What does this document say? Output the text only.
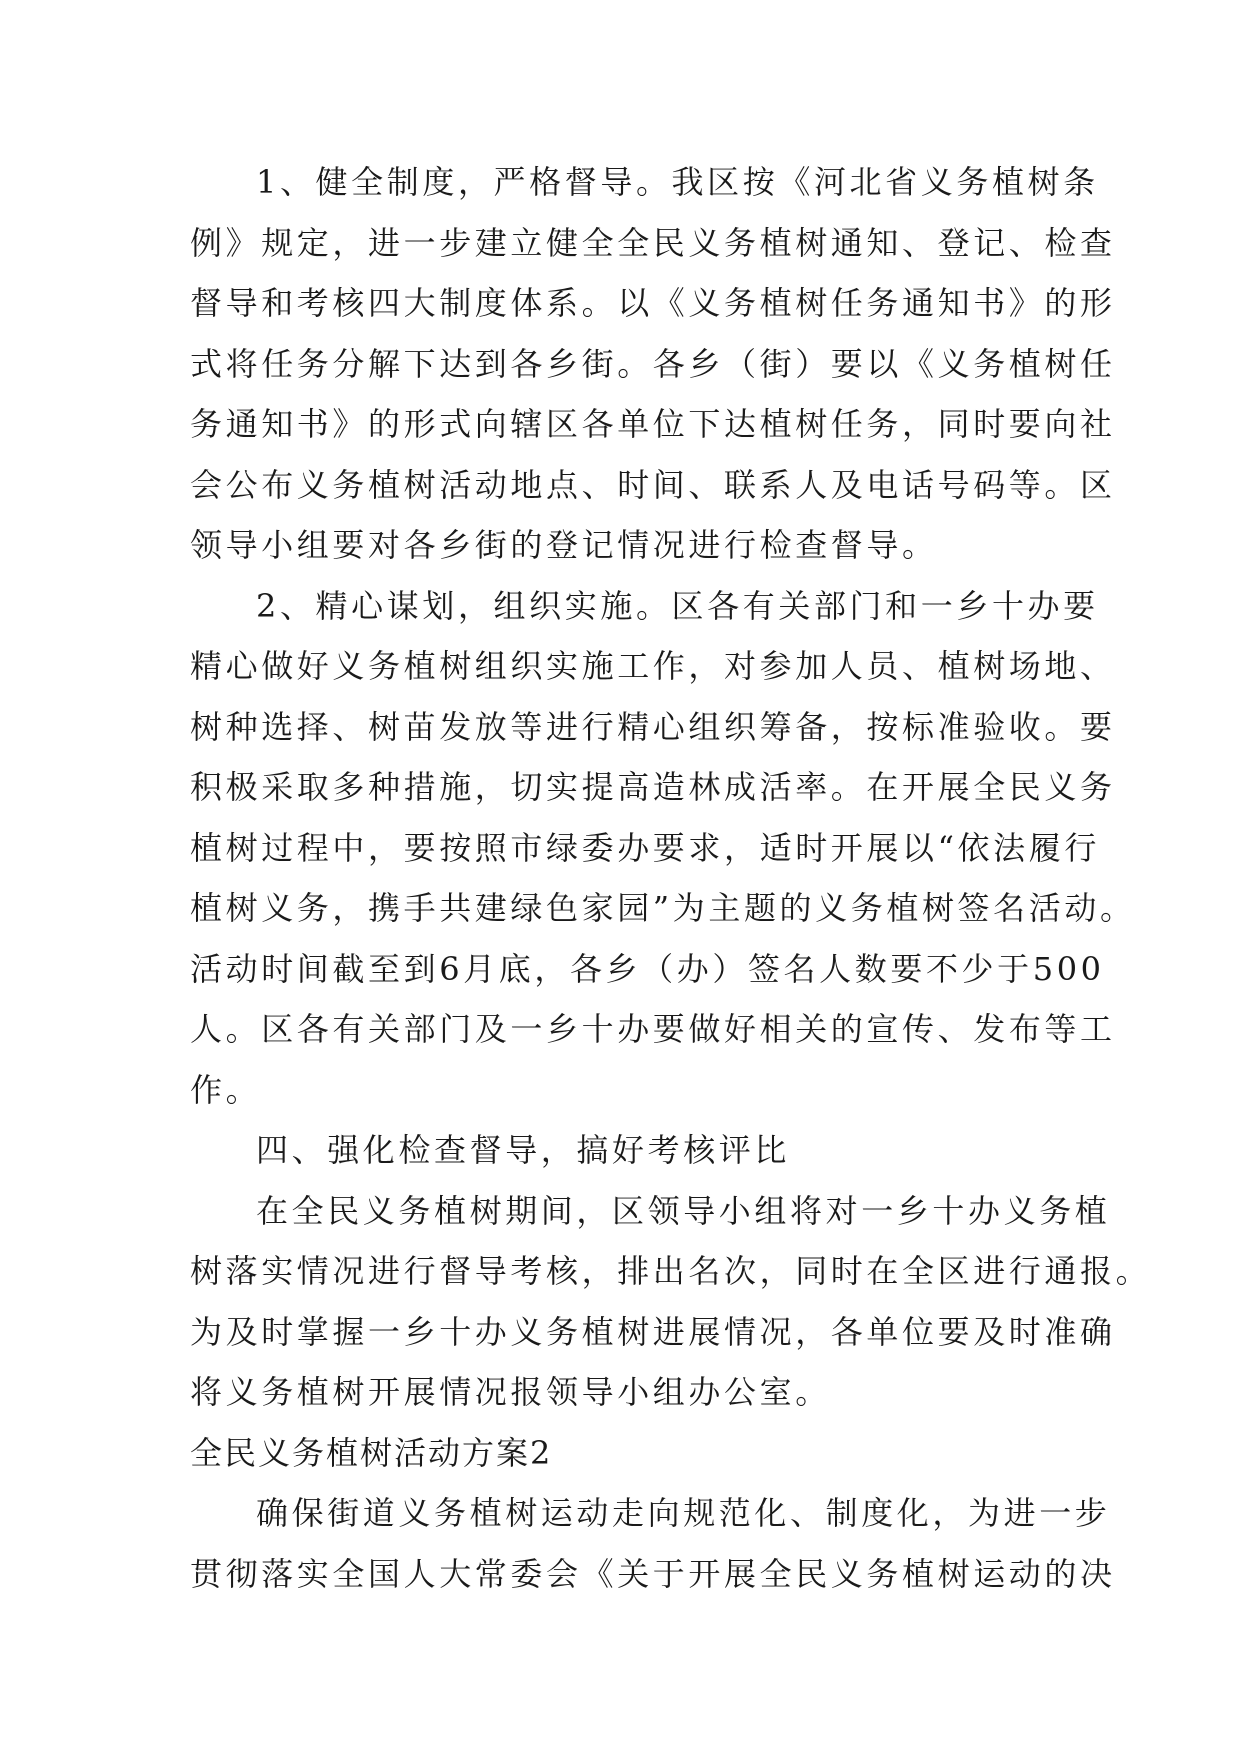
1、健全制度，严格督导。我区按《河北省义务植树条
例》规定，进一步建立健全全民义务植树通知、登记、检查
督导和考核四大制度体系。以《义务植树任务通知书》的形
式将任务分解下达到各乡街。各乡（街）要以《义务植树任
务通知书》的形式向辖区各单位下达植树任务，同时要向社
会公布义务植树活动地点、时间、联系人及电话号码等。区
领导小组要对各乡街的登记情况进行检查督导。
2、精心谋划，组织实施。区各有关部门和一乡十办要
精心做好义务植树组织实施工作，对参加人员、植树场地、
树种选择、树苗发放等进行精心组织筹备，按标准验收。要
积极采取多种措施，切实提高造林成活率。在开展全民义务
植树过程中，要按照市绿委办要求，适时开展以“依法履行
植树义务，携手共建绿色家园”为主题的义务植树签名活动。
活动时间截至到6月底，各乡（办）签名人数要不少于500
人。区各有关部门及一乡十办要做好相关的宣传、发布等工
作。
四、强化检查督导，搞好考核评比
在全民义务植树期间，区领导小组将对一乡十办义务植
树落实情况进行督导考核，排出名次，同时在全区进行通报。
为及时掌握一乡十办义务植树进展情况，各单位要及时准确
将义务植树开展情况报领导小组办公室。
全民义务植树活动方案2
确保街道义务植树运动走向规范化、制度化，为进一步
贯彻落实全国人大常委会《关于开展全民义务植树运动的决
